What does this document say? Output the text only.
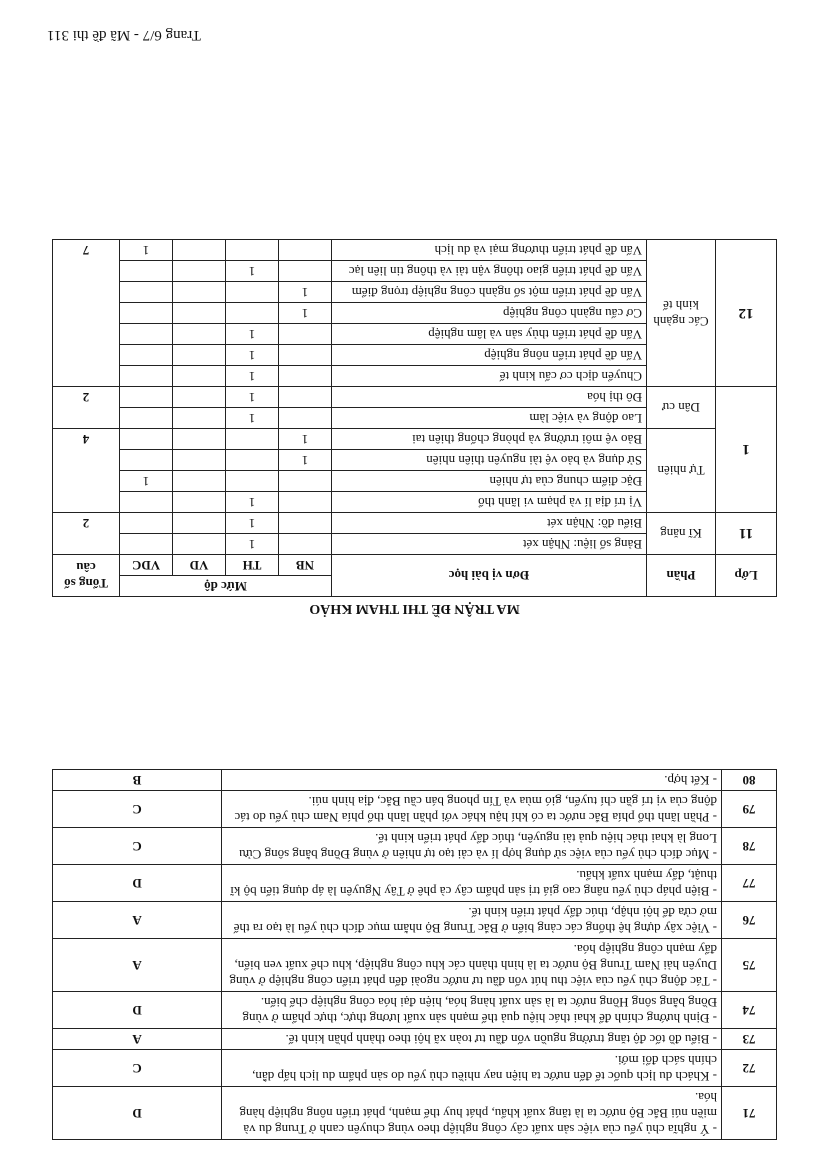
Trang 6/7 - Mã đề thi 311
71	- Ý nghĩa chủ yếu của việc sản xuất cây công nghiệp theo vùng chuyên canh ở Trung du và miền núi Bắc Bộ nước ta là tăng xuất khẩu, phát huy thế mạnh, phát triển nông nghiệp hàng hóa.	D
72	- Khách du lịch quốc tế đến nước ta hiện nay nhiều chủ yếu do sản phẩm du lịch hấp dẫn, chính sách đổi mới.	C
73	- Biểu đồ tốc độ tăng trưởng nguồn vốn đầu tư toàn xã hội theo thành phần kinh tế.	A
74	- Định hướng chính để khai thác hiệu quả thế mạnh sản xuất lương thực, thực phẩm ở vùng Đồng bằng sông Hồng nước ta là sản xuất hàng hóa, hiện đại hóa công nghiệp chế biến.	D
75	- Tác động chủ yếu của việc thu hút vốn đầu tư nước ngoài đến phát triển công nghiệp ở vùng Duyên hải Nam Trung Bộ nước ta là hình thành các khu công nghiệp, khu chế xuất ven biển, đẩy mạnh công nghiệp hóa.	A
76	- Việc xây dựng hệ thống các cảng biển ở Bắc Trung Bộ nhằm mục đích chủ yếu là tạo ra thế mở cửa để hội nhập, thúc đẩy phát triển kinh tế.	A
77	- Biện pháp chủ yếu nâng cao giá trị sản phẩm cây cà phê ở Tây Nguyên là áp dụng tiến bộ kĩ thuật, đẩy mạnh xuất khẩu.	D
78	- Mục đích chủ yếu của việc sử dụng hợp lí và cải tạo tự nhiên ở vùng Đồng bằng sông Cửu Long là khai thác hiệu quả tài nguyên, thúc đẩy phát triển kinh tế.	C
79	- Phần lãnh thổ phía Bắc nước ta có khí hậu khác với phần lãnh thổ phía Nam chủ yếu do tác động của vị trí gần chí tuyến, gió mùa và Tín phong bán cầu Bắc, địa hình núi.	C
80	- Kết hợp.	B
MA TRẬN ĐỀ THI THAM KHẢO
Lớp	Phần	Đơn vị bài học	Mức độ				Tổng số câu
			NB	TH	VD	VDC	
11	Kĩ năng	Bảng số liệu: Nhận xét		1			2
		Biểu đồ: Nhận xét		1			
1	Tự nhiên	Vị trí địa lí và phạm vi lãnh thổ		1			4
		Đặc điểm chung của tự nhiên				1	
		Sử dụng và bảo vệ tài nguyên thiên nhiên	1				
		Bảo vệ môi trường và phòng chống thiên tai	1				
	Dân cư	Lao động và việc làm		1			2
		Đô thị hóa		1			
12	Các ngành kinh tế	Chuyển dịch cơ cấu kinh tế		1			7
		Vấn đề phát triển nông nghiệp		1			
		Vấn đề phát triển thủy sản và lâm nghiệp		1			
		Cơ cấu ngành công nghiệp	1				
		Vấn đề phát triển một số ngành công nghiệp trọng điểm	1				
		Vấn đề phát triển giao thông vận tải và thông tin liên lạc		1			
		Vấn đề phát triển thương mại và du lịch				1	
